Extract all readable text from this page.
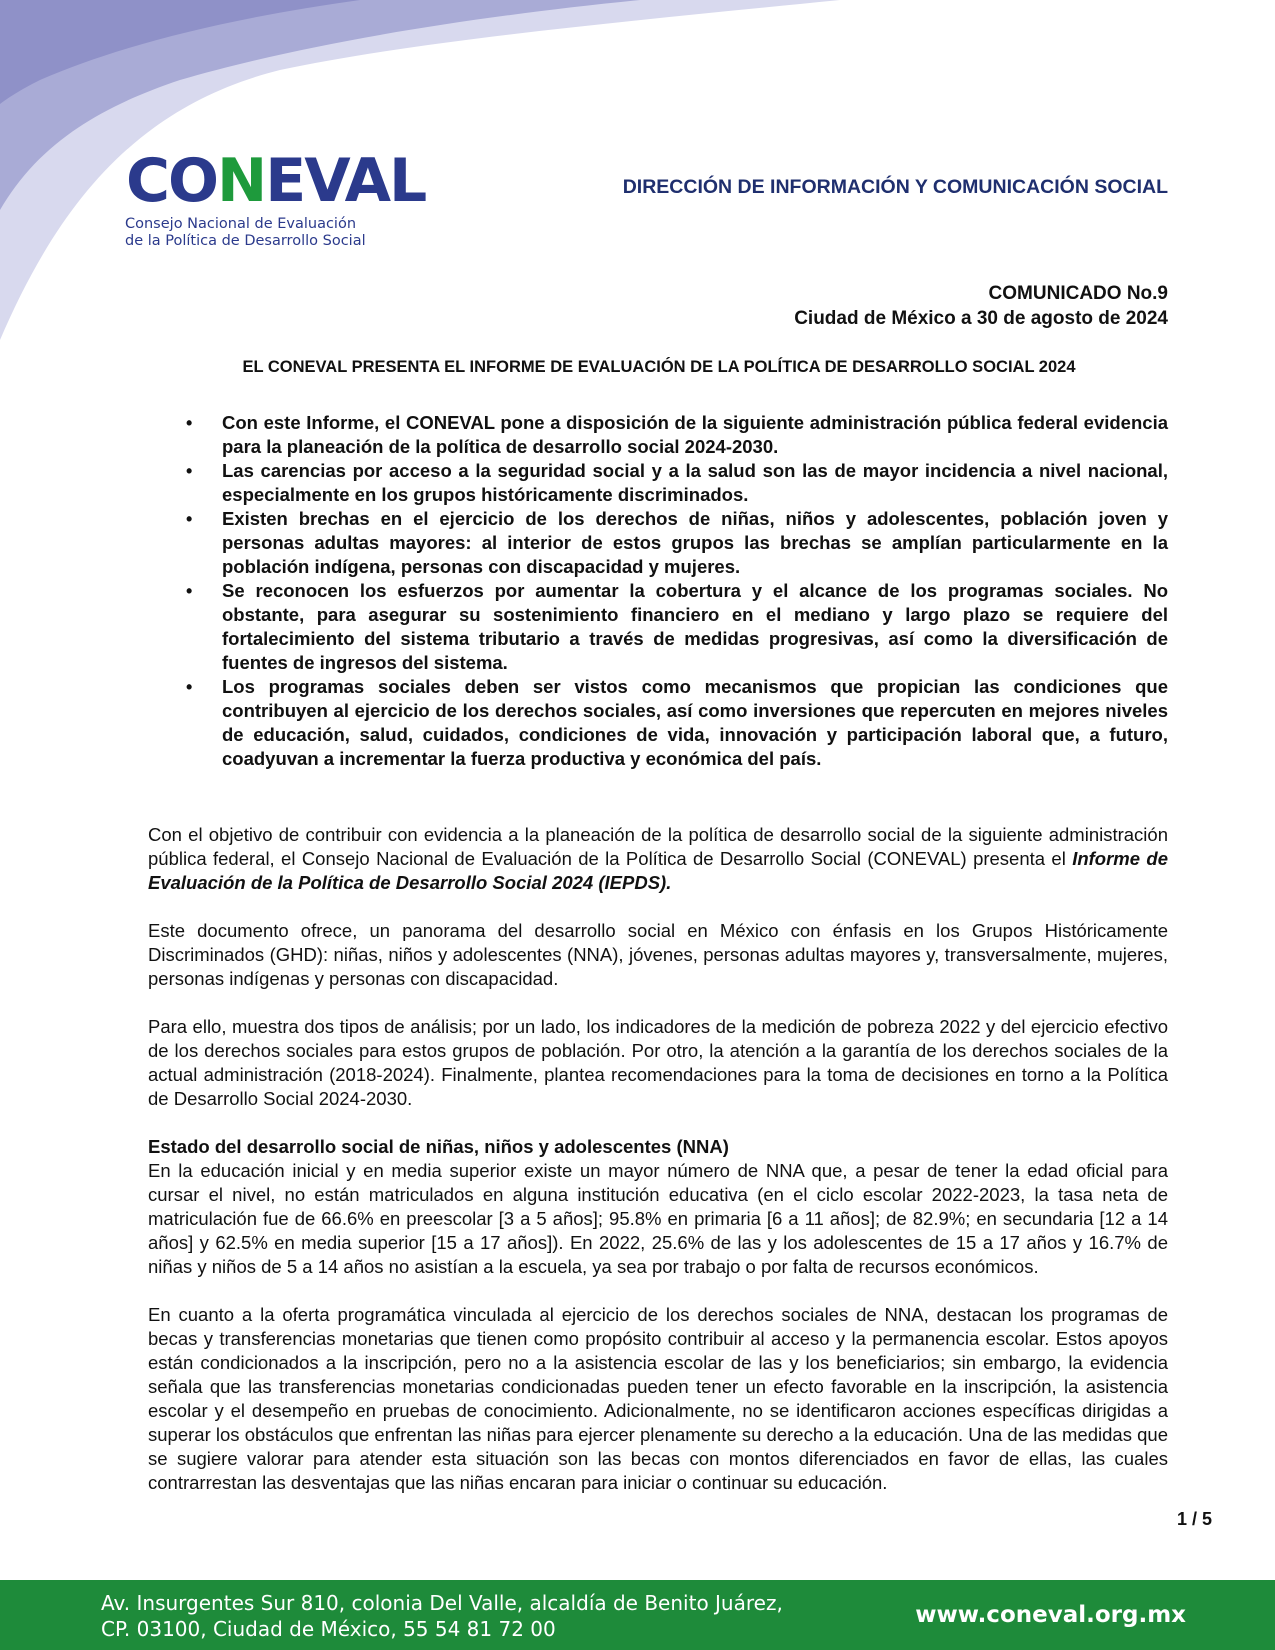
CONEVAL
Consejo Nacional de Evaluación
de la Política de Desarrollo Social
DIRECCIÓN DE INFORMACIÓN Y COMUNICACIÓN SOCIAL
COMUNICADO No.9
Ciudad de México a 30 de agosto de 2024
EL CONEVAL PRESENTA EL INFORME DE EVALUACIÓN DE LA POLÍTICA DE DESARROLLO SOCIAL 2024
• Con este Informe, el CONEVAL pone a disposición de la siguiente administración pública federal evidencia para la planeación de la política de desarrollo social 2024-2030.
• Las carencias por acceso a la seguridad social y a la salud son las de mayor incidencia a nivel nacional, especialmente en los grupos históricamente discriminados.
• Existen brechas en el ejercicio de los derechos de niñas, niños y adolescentes, población joven y personas adultas mayores: al interior de estos grupos las brechas se amplían particularmente en la población indígena, personas con discapacidad y mujeres.
• Se reconocen los esfuerzos por aumentar la cobertura y el alcance de los programas sociales. No obstante, para asegurar su sostenimiento financiero en el mediano y largo plazo se requiere del fortalecimiento del sistema tributario a través de medidas progresivas, así como la diversificación de fuentes de ingresos del sistema.
• Los programas sociales deben ser vistos como mecanismos que propician las condiciones que contribuyen al ejercicio de los derechos sociales, así como inversiones que repercuten en mejores niveles de educación, salud, cuidados, condiciones de vida, innovación y participación laboral que, a futuro, coadyuvan a incrementar la fuerza productiva y económica del país.

Con el objetivo de contribuir con evidencia a la planeación de la política de desarrollo social de la siguiente administración pública federal, el Consejo Nacional de Evaluación de la Política de Desarrollo Social (CONEVAL) presenta el Informe de Evaluación de la Política de Desarrollo Social 2024 (IEPDS).

Este documento ofrece, un panorama del desarrollo social en México con énfasis en los Grupos Históricamente Discriminados (GHD): niñas, niños y adolescentes (NNA), jóvenes, personas adultas mayores y, transversalmente, mujeres, personas indígenas y personas con discapacidad.

Para ello, muestra dos tipos de análisis; por un lado, los indicadores de la medición de pobreza 2022 y del ejercicio efectivo de los derechos sociales para estos grupos de población. Por otro, la atención a la garantía de los derechos sociales de la actual administración (2018-2024). Finalmente, plantea recomendaciones para la toma de decisiones en torno a la Política de Desarrollo Social 2024-2030.

Estado del desarrollo social de niñas, niños y adolescentes (NNA)

En la educación inicial y en media superior existe un mayor número de NNA que, a pesar de tener la edad oficial para cursar el nivel, no están matriculados en alguna institución educativa (en el ciclo escolar 2022-2023, la tasa neta de matriculación fue de 66.6% en preescolar [3 a 5 años]; 95.8% en primaria [6 a 11 años]; de 82.9%; en secundaria [12 a 14 años] y 62.5% en media superior [15 a 17 años]). En 2022, 25.6% de las y los adolescentes de 15 a 17 años y 16.7% de niñas y niños de 5 a 14 años no asistían a la escuela, ya sea por trabajo o por falta de recursos económicos.

En cuanto a la oferta programática vinculada al ejercicio de los derechos sociales de NNA, destacan los programas de becas y transferencias monetarias que tienen como propósito contribuir al acceso y la permanencia escolar. Estos apoyos están condicionados a la inscripción, pero no a la asistencia escolar de las y los beneficiarios; sin embargo, la evidencia señala que las transferencias monetarias condicionadas pueden tener un efecto favorable en la inscripción, la asistencia escolar y el desempeño en pruebas de conocimiento. Adicionalmente, no se identificaron acciones específicas dirigidas a superar los obstáculos que enfrentan las niñas para ejercer plenamente su derecho a la educación. Una de las medidas que se sugiere valorar para atender esta situación son las becas con montos diferenciados en favor de ellas, las cuales contrarrestan las desventajas que las niñas encaran para iniciar o continuar su educación.

1 / 5
Av. Insurgentes Sur 810, colonia Del Valle, alcaldía de Benito Juárez,
CP. 03100, Ciudad de México, 55 54 81 72 00
www.coneval.org.mx
